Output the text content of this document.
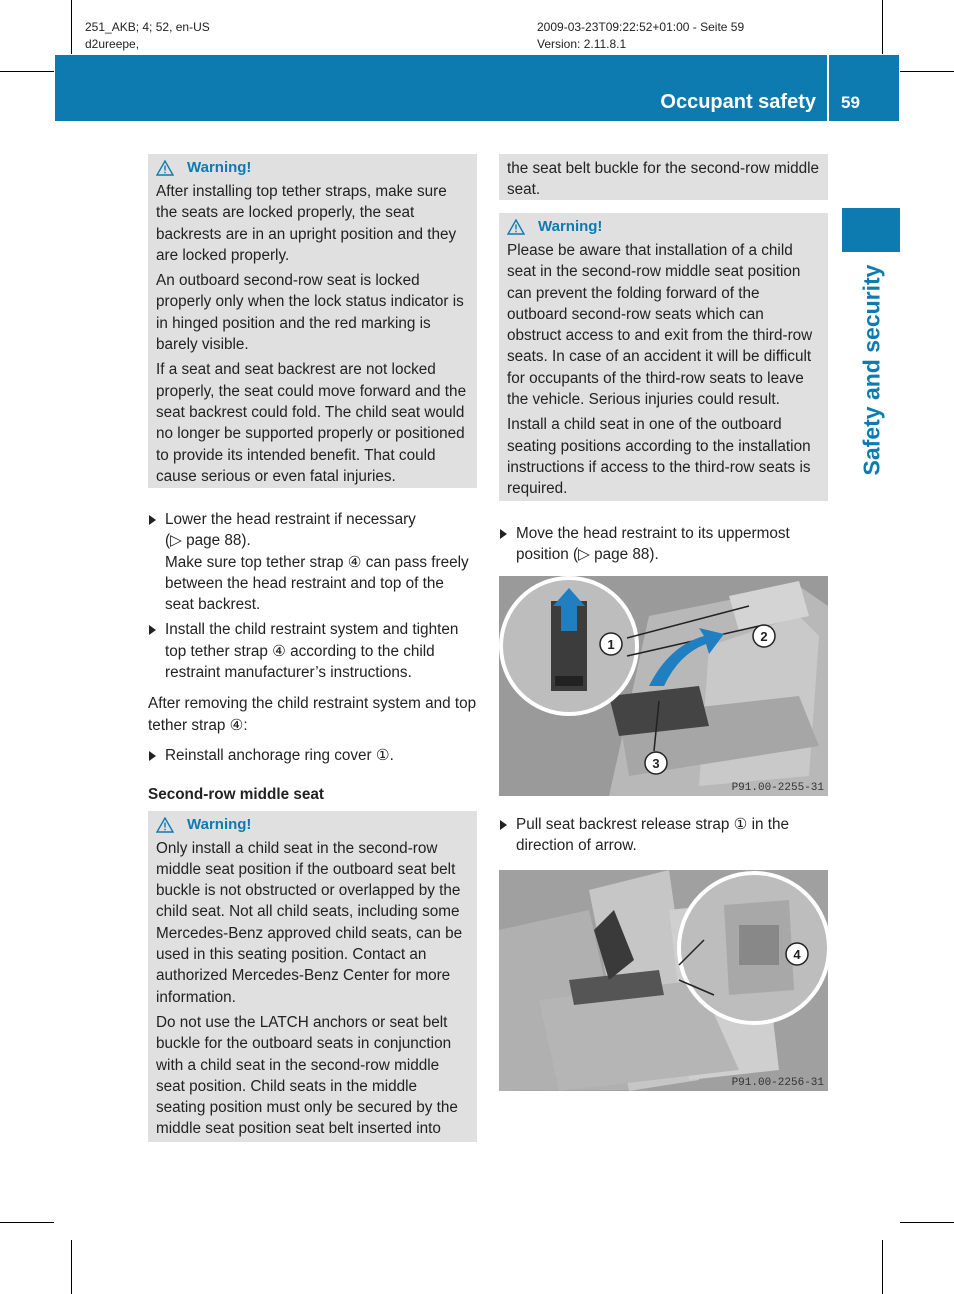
251_AKB; 4; 52, en-US
d2ureepe,
2009-03-23T09:22:52+01:00 - Seite 59
Version: 2.11.8.1
Occupant safety 59
Safety and security
Warning!

After installing top tether straps, make sure the seats are locked properly, the seat backrests are in an upright position and they are locked properly.

An outboard second-row seat is locked properly only when the lock status indicator is in hinged position and the red marking is barely visible.

If a seat and seat backrest are not locked properly, the seat could move forward and the seat backrest could fold. The child seat would no longer be supported properly or positioned to provide its intended benefit. That could cause serious or even fatal injuries.

Lower the head restraint if necessary
(▷ page 88).
Make sure top tether strap ④ can pass freely between the head restraint and top of the seat backrest.
Install the child restraint system and tighten top tether strap ④ according to the child restraint manufacturer’s instructions.

After removing the child restraint system and top tether strap ④:

Reinstall anchorage ring cover ①.
Second-row middle seat
Warning!

Only install a child seat in the second-row middle seat position if the outboard seat belt buckle is not obstructed or overlapped by the child seat. Not all child seats, including some Mercedes-Benz approved child seats, can be used in this seating position. Contact an authorized Mercedes-Benz Center for more information.

Do not use the LATCH anchors or seat belt buckle for the outboard seats in conjunction with a child seat in the second-row middle seat position. Child seats in the middle seating position must only be secured by the middle seat position seat belt inserted into

the seat belt buckle for the second-row middle seat.

Warning!

Please be aware that installation of a child seat in the second-row middle seat position can prevent the folding forward of the outboard second-row seats which can obstruct access to and exit from the third-row seats. In case of an accident it will be difficult for occupants of the third-row seats to leave the vehicle. Serious injuries could result.

Install a child seat in one of the outboard seating positions according to the installation instructions if access to the third-row seats is required.

Move the head restraint to its uppermost position (▷ page 88).
1
2
3
P91.00-2255-31
Pull seat backrest release strap ① in the direction of arrow.
4
P91.00-2256-31
